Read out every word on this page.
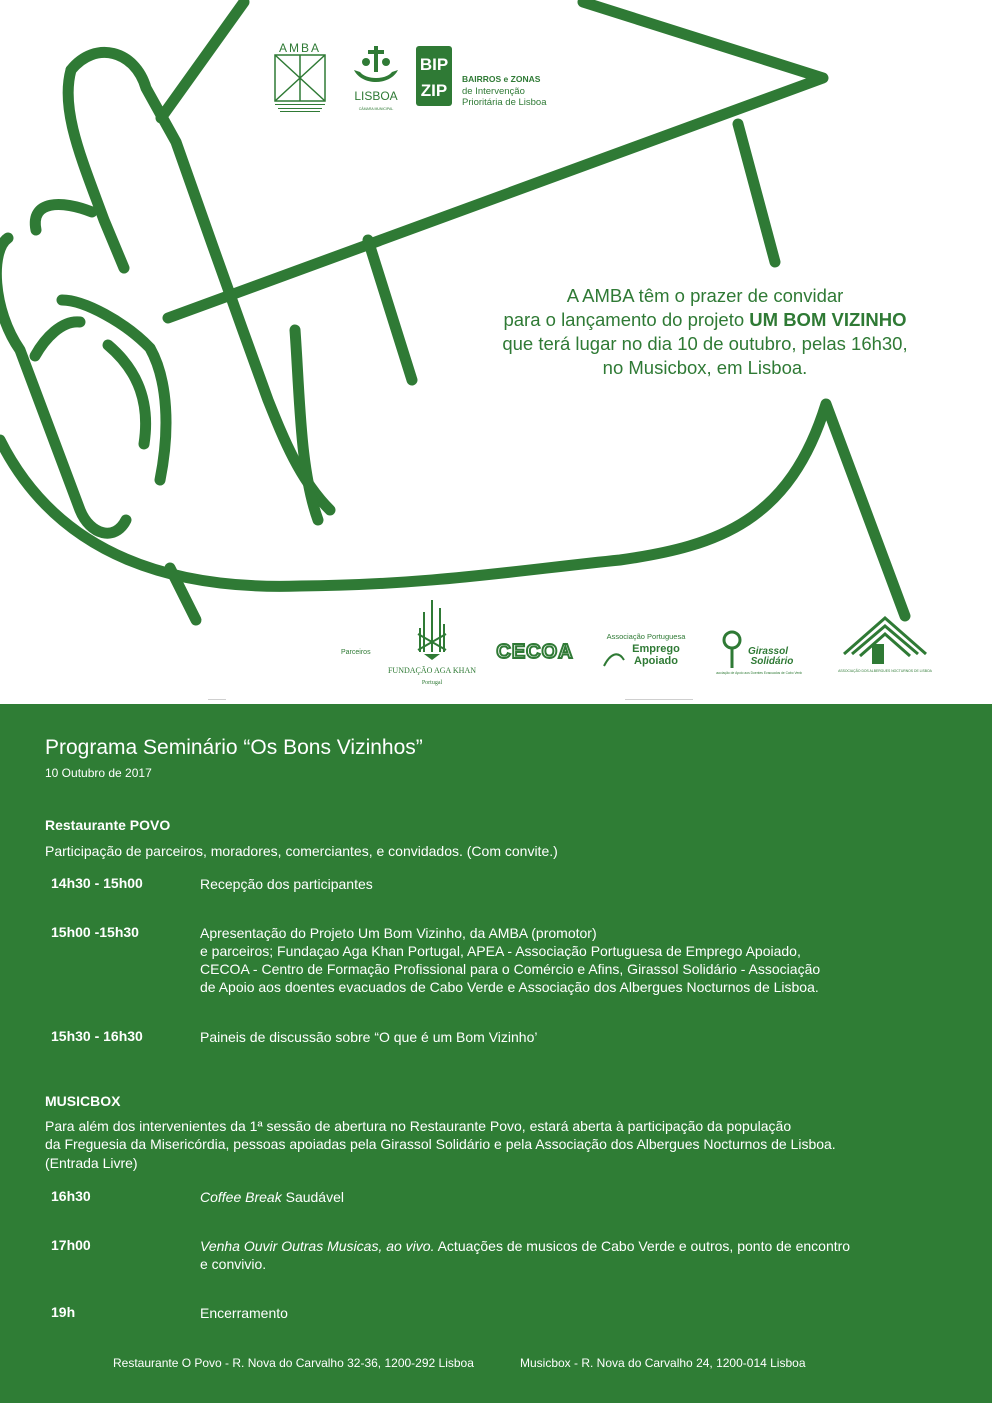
AMBA
LISBOA
CÂMARA MUNICIPAL
BIP
ZIP
BAIRROS e ZONAS
de Intervenção
Prioritária de Lisboa
A AMBA têm o prazer de convidar
para o lançamento do projeto UM BOM VIZINHO
que terá lugar no dia 10 de outubro, pelas 16h30,
no Musicbox, em Lisboa.
Parceiros
FUNDAÇÃO AGA KHAN
Portugal
CECOA
Associação Portuguesa
Emprego
Apoiado
Girassol
Solidário
Associação de Apoio aos Doentes Evacuados de Cabo Verde	ASSOCIAÇÃO DOS ALBERGUES NOCTURNOS DE LISBOA
Programa Seminário “Os Bons Vizinhos”
10 Outubro de 2017
Restaurante POVO
Participação de parceiros, moradores, comerciantes, e convidados. (Com convite.)
14h30 - 15h00	Recepção dos participantes
15h00 -15h30	Apresentação do Projeto Um Bom Vizinho, da AMBA (promotor)
e parceiros; Fundaçao Aga Khan Portugal, APEA - Associação Portuguesa de Emprego Apoiado,
CECOA - Centro de Formação Profissional para o Comércio e Afins, Girassol Solidário - Associação
de Apoio aos doentes evacuados de Cabo Verde e Associação dos Albergues Nocturnos de Lisboa.
15h30 - 16h30	Paineis de discussão sobre “O que é um Bom Vizinho’
MUSICBOX
Para além dos intervenientes da 1ª sessão de abertura no Restaurante Povo, estará aberta à participação da população
da Freguesia da Misericórdia, pessoas apoiadas pela Girassol Solidário e pela Associação dos Albergues Nocturnos de Lisboa.
(Entrada Livre)
16h30	Coffee Break Saudável
17h00	Venha Ouvir Outras Musicas, ao vivo. Actuações de musicos de Cabo Verde e outros, ponto de encontro
e convivio.
19h	Encerramento
Restaurante O Povo - R. Nova do Carvalho 32-36, 1200-292 Lisboa	Musicbox - R. Nova do Carvalho 24, 1200-014 Lisboa
